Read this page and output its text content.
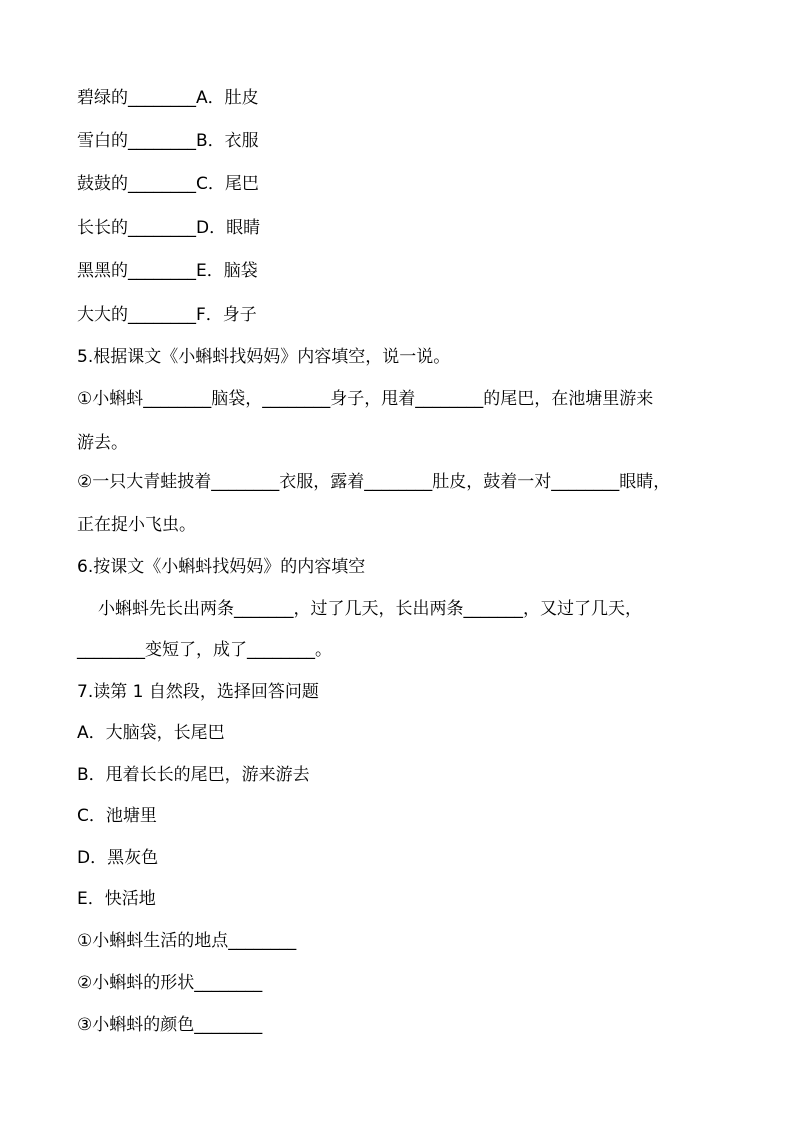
碧绿的________A．肚皮
雪白的________B．衣服
鼓鼓的________C．尾巴
长长的________D．眼睛
黑黑的________E．脑袋
大大的________F．身子
5.根据课文《小蝌蚪找妈妈》内容填空，说一说。
①小蝌蚪________脑袋，________身子，甩着________的尾巴，在池塘里游来
游去。
②一只大青蛙披着________衣服，露着________肚皮，鼓着一对________眼睛，
正在捉小飞虫。
6.按课文《小蝌蚪找妈妈》的内容填空
小蝌蚪先长出两条_______，过了几天，长出两条_______，又过了几天，
________变短了，成了________。
7.读第 1 自然段，选择回答问题
A．大脑袋，长尾巴
B．甩着长长的尾巴，游来游去
C．池塘里
D．黑灰色
E．快活地
①小蝌蚪生活的地点________
②小蝌蚪的形状________
③小蝌蚪的颜色________
